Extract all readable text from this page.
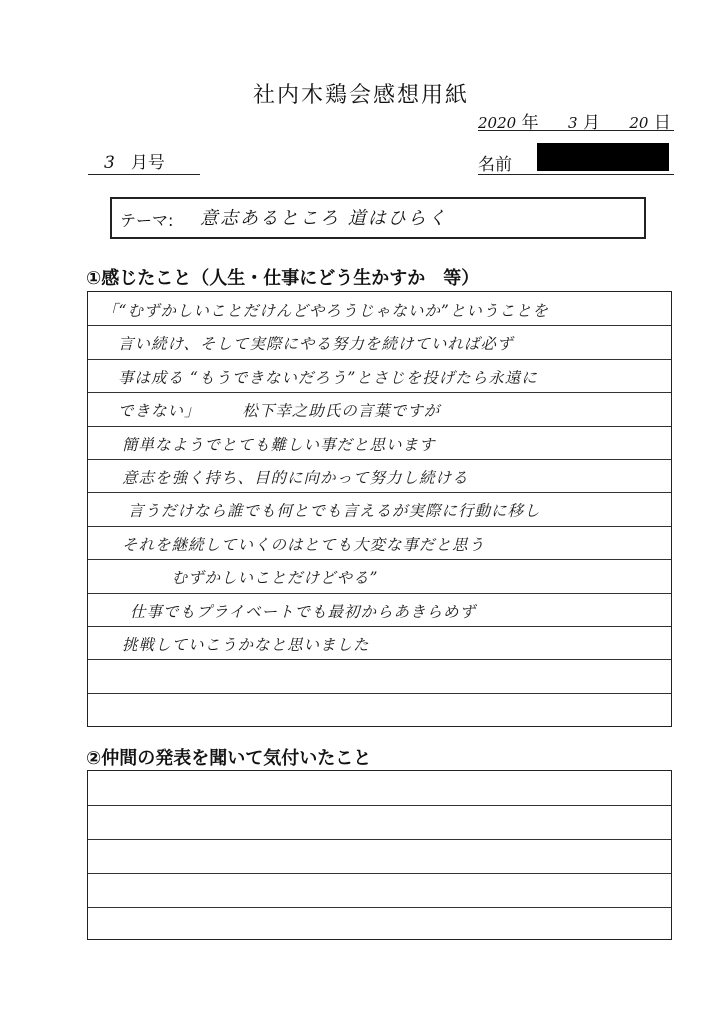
社内木鶏会感想用紙
2020 年 3 月 20 日
3 月号	名前
テーマ: 意志あるところ 道はひらく
①感じたこと（人生・仕事にどう生かすか　等）
「“むずかしいことだけんどやろうじゃないか”ということを
言い続け、そして実際にやる努力を続けていれば必ず
事は成る “もうできないだろう”とさじを投げたら永遠に
できない」　　　松下幸之助氏の言葉ですが
簡単なようでとても難しい事だと思います
意志を強く持ち、目的に向かって努力し続ける
言うだけなら誰でも何とでも言えるが実際に行動に移し
それを継続していくのはとても大変な事だと思う
　　　むずかしいことだけどやる”
仕事でもプライベートでも最初からあきらめず
挑戦していこうかなと思いました
②仲間の発表を聞いて気付いたこと
